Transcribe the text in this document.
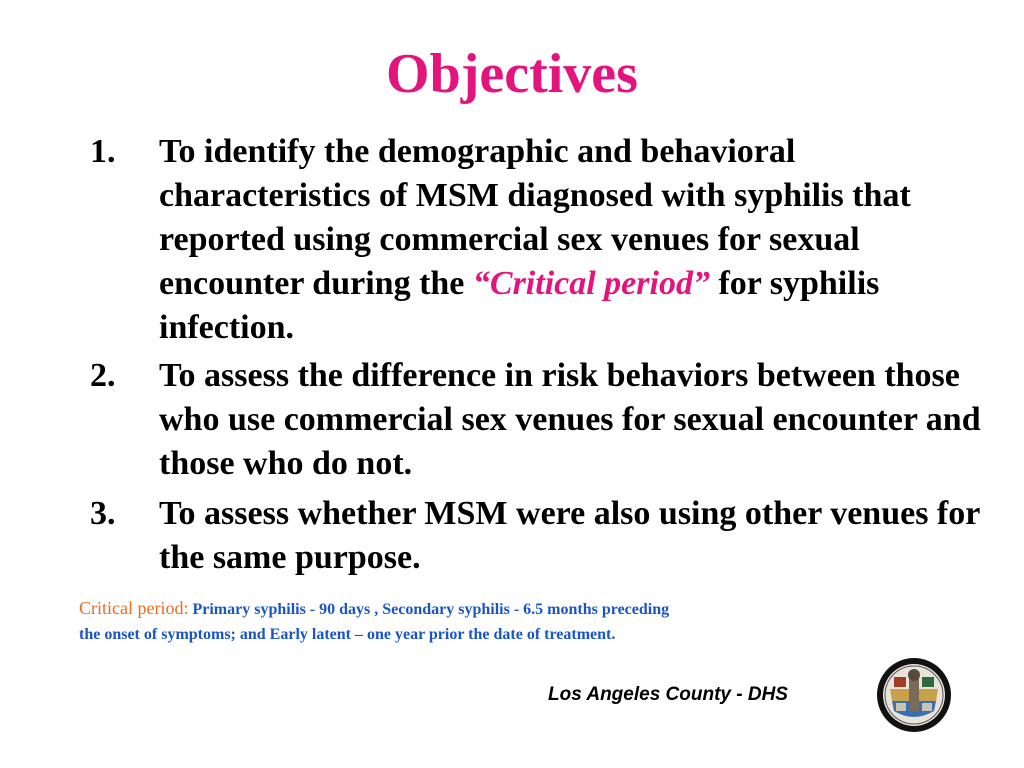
Objectives
1. To identify the demographic and behavioral characteristics of MSM diagnosed with syphilis that reported using commercial sex venues for sexual encounter during the “Critical period” for syphilis infection.
2. To assess the difference in risk behaviors between those who use commercial sex venues for sexual encounter and those who do not.
3. To assess whether MSM were also using other venues for the same purpose.
Critical period: Primary syphilis - 90 days , Secondary syphilis - 6.5 months preceding the onset of symptoms; and Early latent – one year prior the date of treatment.
Los Angeles County - DHS
